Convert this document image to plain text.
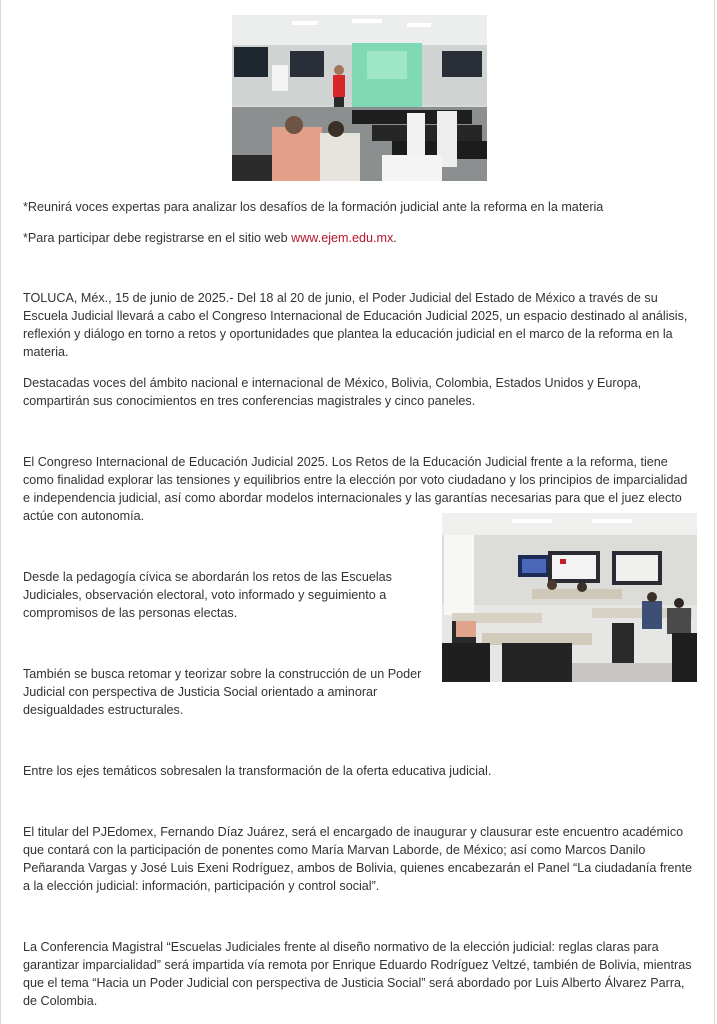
*Reunirá voces expertas para analizar los desafíos de la formación judicial ante la reforma en la materia

*Para participar debe registrarse en el sitio web www.ejem.edu.mx.

TOLUCA, Méx., 15 de junio de 2025.- Del 18 al 20 de junio, el Poder Judicial del Estado de México a través de su Escuela Judicial llevará a cabo el Congreso Internacional de Educación Judicial 2025, un espacio destinado al análisis, reflexión y diálogo en torno a retos y oportunidades que plantea la educación judicial en el marco de la reforma en la materia.

Destacadas voces del ámbito nacional e internacional de México, Bolivia, Colombia, Estados Unidos y Europa, compartirán sus conocimientos en tres conferencias magistrales y cinco paneles.

El Congreso Internacional de Educación Judicial 2025. Los Retos de la Educación Judicial frente a la reforma, tiene como finalidad explorar las tensiones y equilibrios entre la elección por voto ciudadano y los principios de imparcialidad e independencia judicial, así como abordar modelos internacionales y las garantías necesarias para que el juez electo actúe con autonomía.

Desde la pedagogía cívica se abordarán los retos de las Escuelas Judiciales, observación electoral, voto informado y seguimiento a compromisos de las personas electas.

También se busca retomar y teorizar sobre la construcción de un Poder Judicial con perspectiva de Justicia Social orientado a aminorar desigualdades estructurales.

Entre los ejes temáticos sobresalen la transformación de la oferta educativa judicial.

El titular del PJEdomex, Fernando Díaz Juárez, será el encargado de inaugurar y clausurar este encuentro académico que contará con la participación de ponentes como María Marvan Laborde, de México; así como Marcos Danilo Peñaranda Vargas y José Luis Exeni Rodríguez, ambos de Bolivia, quienes encabezarán el Panel “La ciudadanía frente a la elección judicial: información, participación y control social”.

La Conferencia Magistral “Escuelas Judiciales frente al diseño normativo de la elección judicial: reglas claras para garantizar imparcialidad” será impartida vía remota por Enrique Eduardo Rodríguez Veltzé, también de Bolivia, mientras que el tema “Hacia un Poder Judicial con perspectiva de Justicia Social” será abordado por Luis Alberto Álvarez Parra, de Colombia.
